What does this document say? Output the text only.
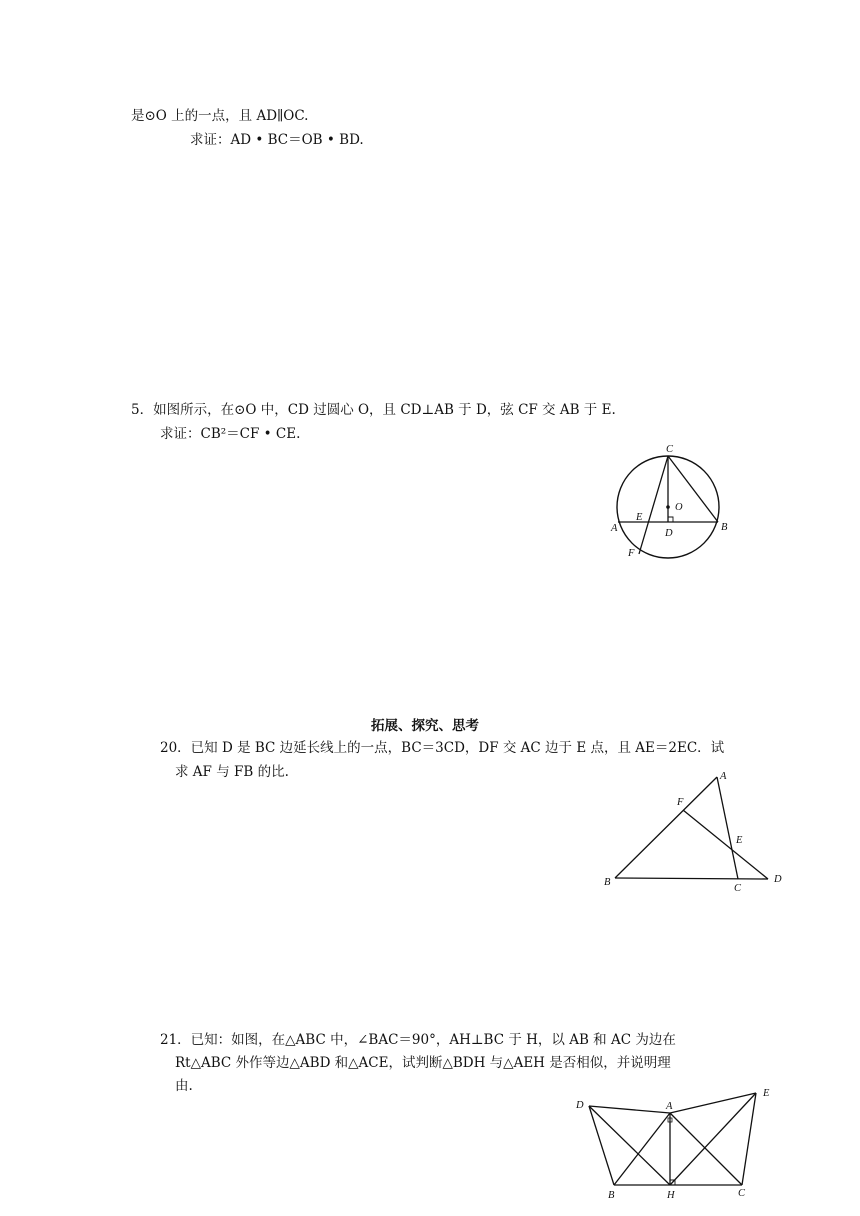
是⊙O 上的一点，且 AD∥OC.
求证：AD • BC＝OB • BD.
5．如图所示，在⊙O 中，CD 过圆心 O，且 CD⊥AB 于 D，弦 CF 交 AB 于 E.
求证：CB²＝CF • CE.
C
O
E
A	D
B
F
拓展、探究、思考
20．已知 D 是 BC 边延长线上的一点，BC＝3CD，DF 交 AC 边于 E 点，且 AE＝2EC．试
求 AF 与 FB 的比.	A
F
E
B
C
D
21．已知：如图，在△ABC 中，∠BAC＝90°，AH⊥BC 于 H，以 AB 和 AC 为边在
Rt△ABC 外作等边△ABD 和△ACE，试判断△BDH 与△AEH 是否相似，并说明理
由.
D	A
E
B	H	C
